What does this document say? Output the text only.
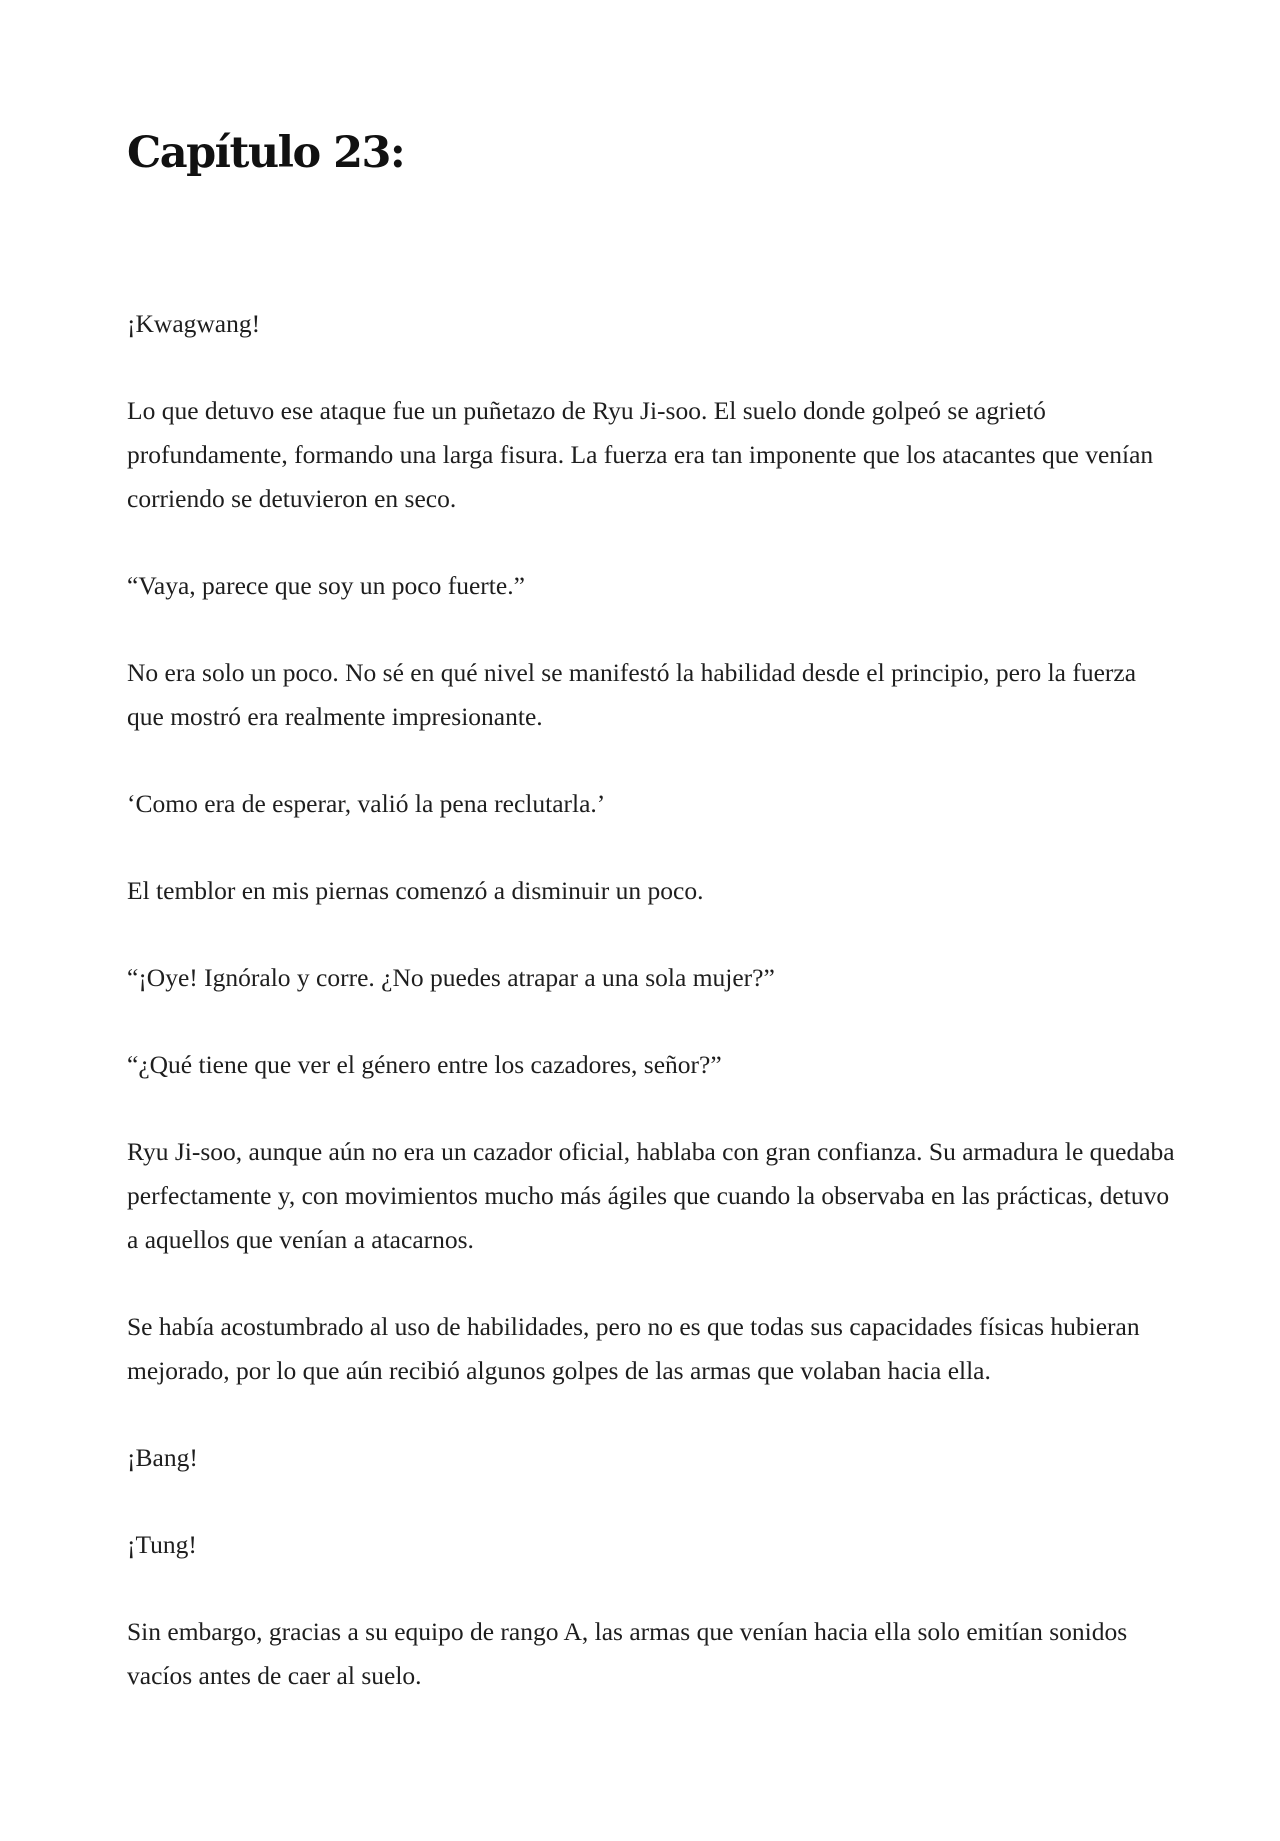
Capítulo 23:

¡Kwagwang!

Lo que detuvo ese ataque fue un puñetazo de Ryu Ji-soo. El suelo donde golpeó se agrietó profundamente, formando una larga fisura. La fuerza era tan imponente que los atacantes que venían corriendo se detuvieron en seco.

“Vaya, parece que soy un poco fuerte.”

No era solo un poco. No sé en qué nivel se manifestó la habilidad desde el principio, pero la fuerza que mostró era realmente impresionante.

‘Como era de esperar, valió la pena reclutarla.’

El temblor en mis piernas comenzó a disminuir un poco.

“¡Oye! Ignóralo y corre. ¿No puedes atrapar a una sola mujer?”

“¿Qué tiene que ver el género entre los cazadores, señor?”

Ryu Ji-soo, aunque aún no era un cazador oficial, hablaba con gran confianza. Su armadura le quedaba perfectamente y, con movimientos mucho más ágiles que cuando la observaba en las prácticas, detuvo a aquellos que venían a atacarnos.

Se había acostumbrado al uso de habilidades, pero no es que todas sus capacidades físicas hubieran mejorado, por lo que aún recibió algunos golpes de las armas que volaban hacia ella.

¡Bang!

¡Tung!

Sin embargo, gracias a su equipo de rango A, las armas que venían hacia ella solo emitían sonidos vacíos antes de caer al suelo.
